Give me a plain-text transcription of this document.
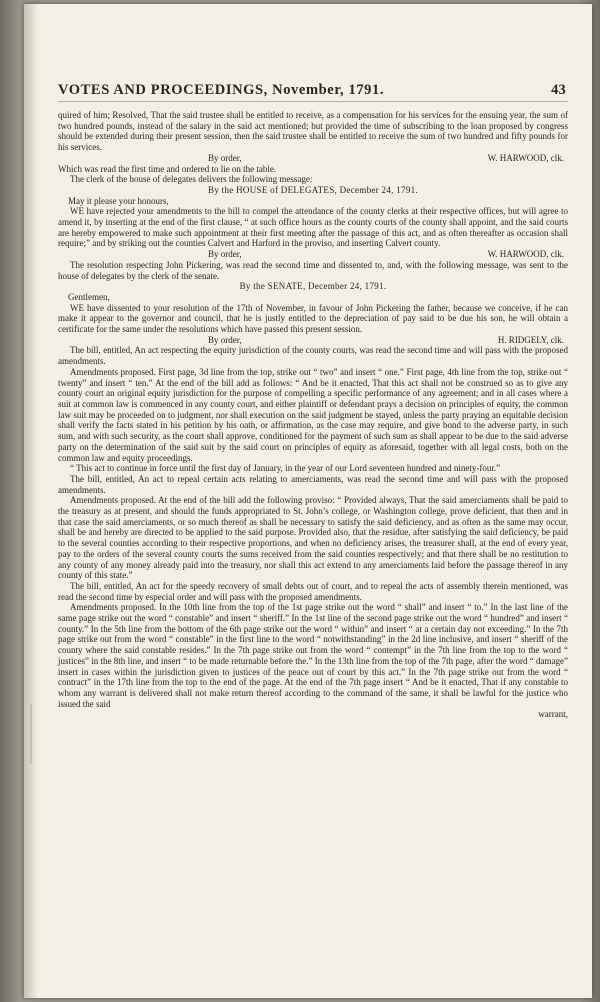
VOTES AND PROCEEDINGS, November, 1791.	43

quired of him; Resolved, That the said trustee shall be entitled to receive, as a compensation for his services for the ensuing year, the sum of two hundred pounds, instead of the salary in the said act mentioned; but provided the time of subscribing to the loan proposed by congress should be extended during their present session, then the said trustee shall be entitled to receive the sum of two hundred and fifty pounds for his services.

By order,	W. HARWOOD, clk.

Which was read the first time and ordered to lie on the table.

The clerk of the house of delegates delivers the following message:

By the HOUSE of DELEGATES, December 24, 1791.

May it please your honours,

WE have rejected your amendments to the bill to compel the attendance of the county clerks at their respective offices, but will agree to amend it, by inserting at the end of the first clause, “ at such office hours as the county courts of the county shall appoint, and the said courts are hereby empowered to make such appointment at their first meeting after the passage of this act, and as often thereafter as occasion shall require;” and by striking out the counties Calvert and Harford in the proviso, and inserting Calvert county.

By order,	W. HARWOOD, clk.

The resolution respecting John Pickering, was read the second time and dissented to, and, with the following message, was sent to the house of delegates by the clerk of the senate.

By the SENATE, December 24, 1791.

Gentlemen,

WE have dissented to your resolution of the 17th of November, in favour of John Pickering the father, because we conceive, if he can make it appear to the governor and council, that he is justly entitled to the depreciation of pay said to be due his son, he will obtain a certificate for the same under the resolutions which have passed this present session.

By order,	H. RIDGELY, clk.

The bill, entitled, An act respecting the equity jurisdiction of the county courts, was read the second time and will pass with the proposed amendments.

Amendments proposed. First page, 3d line from the top, strike out “ two” and insert “ one.” First page, 4th line from the top, strike out “ twenty” and insert “ ten.” At the end of the bill add as follows: “ And be it enacted, That this act shall not be construed so as to give any county court an original equity jurisdiction for the purpose of compelling a specific performance of any agreement; and in all cases where a suit at common law is commenced in any county court, and either plaintiff or defendant prays a decision on principles of equity, the common law suit may be proceeded on to judgment, nor shall execution on the said judgment be stayed, unless the party praying an equitable decision shall verify the facts stated in his petition by his oath, or affirmation, as the case may require, and give bond to the adverse party, in such sum, and with such security, as the court shall approve, conditioned for the payment of such sum as shall appear to be due to the said adverse party on the determination of the said suit by the said court on principles of equity as aforesaid, together with all legal costs, both on the common law and equity proceedings.

“ This act to continue in force until the first day of January, in the year of our Lord seventeen hundred and ninety-four.”

The bill, entitled, An act to repeal certain acts relating to amerciaments, was read the second time and will pass with the proposed amendments.

Amendments proposed. At the end of the bill add the following proviso: “ Provided always, That the said amerciaments shall be paid to the treasury as at present, and should the funds appropriated to St. John’s college, or Washington college, prove deficient, that then and in that case the said amerciaments, or so much thereof as shall be necessary to satisfy the said deficiency, and as often as the same may occur, shall be and hereby are directed to be applied to the said purpose. Provided also, that the residue, after satisfying the said deficiency, be paid to the several counties according to their respective proportions, and when no deficiency arises, the treasurer shall, at the end of every year, pay to the orders of the several county courts the sums received from the said counties respectively; and that there shall be no restitution to any county of any money already paid into the treasury, nor shall this act extend to any amerciaments laid before the passage thereof in any county of this state.”

The bill, entitled, An act for the speedy recovery of small debts out of court, and to repeal the acts of assembly therein mentioned, was read the second time by especial order and will pass with the proposed amendments.

Amendments proposed. In the 10th line from the top of the 1st page strike out the word “ shall” and insert “ to.” In the last line of the same page strike out the word “ constable” and insert “ sheriff.” In the 1st line of the second page strike out the word “ hundred” and insert “ county.” In the 5th line from the bottom of the 6th page strike out the word “ within” and insert “ at a certain day not exceeding.” In the 7th page strike out from the word “ constable” in the first line to the word “ notwithstanding” in the 2d line inclusive, and insert “ sheriff of the county where the said constable resides.” In the 7th page strike out from the word “ contempt” in the 7th line from the top to the word “ justices” in the 8th line, and insert “ to be made returnable before the.” In the 13th line from the top of the 7th page, after the word “ damage” insert in cases within the jurisdiction given to justices of the peace out of court by this act.” In the 7th page strike out from the word “ contract” in the 17th line from the top to the end of the page. At the end of the 7th page insert “ And be it enacted, That if any constable to whom any warrant is delivered shall not make return thereof according to the command of the same, it shall be lawful for the justice who issued the said

warrant,
